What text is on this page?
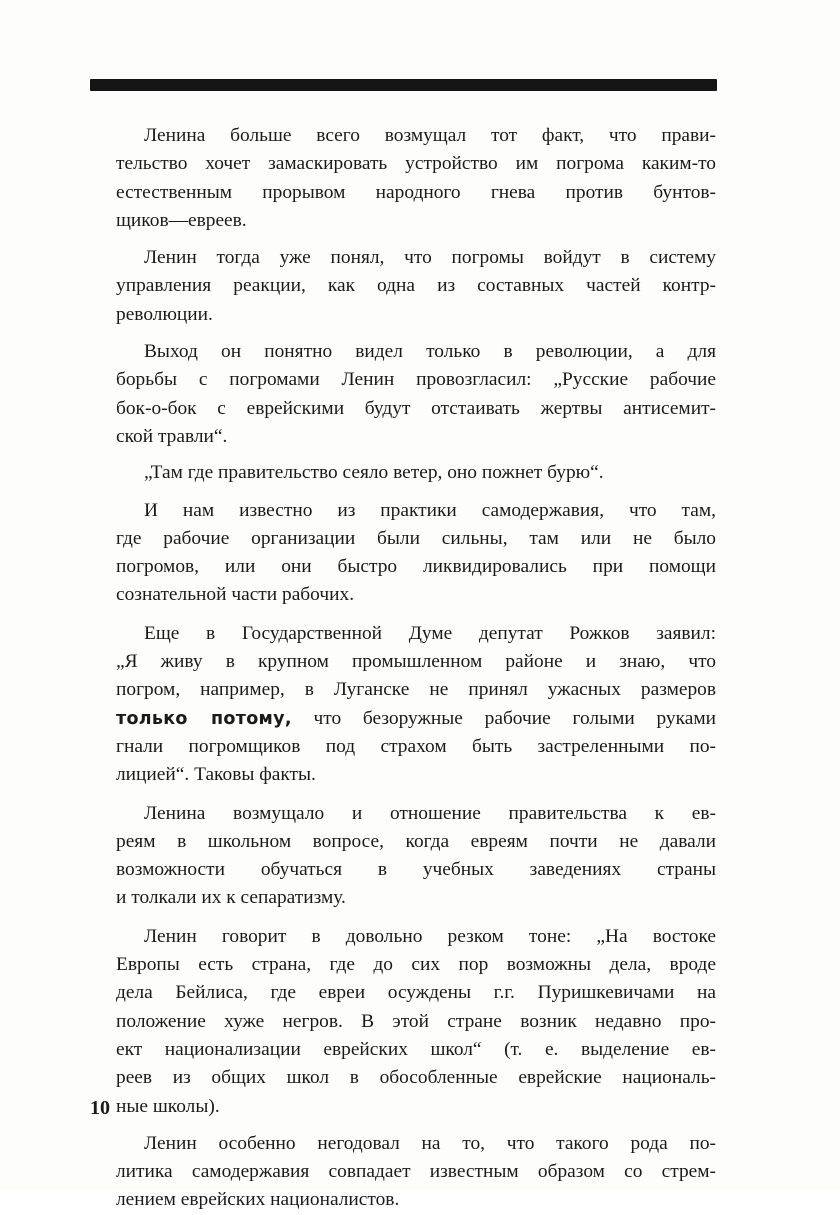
Ленина больше всего возмущал тот факт, что прави-
тельство хочет замаскировать устройство им погрома каким-то
естественным прорывом народного гнева против бунтов-
щиков—евреев.

Ленин тогда уже понял, что погромы войдут в систему
управления реакции, как одна из составных частей контр-
революции.

Выход он понятно видел только в революции, а для
борьбы с погромами Ленин провозгласил: „Русские рабочие
бок-о-бок с еврейскими будут отстаивать жертвы антисемит-
ской травли“.

„Там где правительство сеяло ветер, оно пожнет бурю“.

И нам известно из практики самодержавия, что там,
где рабочие организации были сильны, там или не было
погромов, или они быстро ликвидировались при помощи
сознательной части рабочих.

Еще в Государственной Думе депутат Рожков заявил:
„Я живу в крупном промышленном районе и знаю, что
погром, например, в Луганске не принял ужасных размеров
только потому, что безоружные рабочие голыми руками
гнали погромщиков под страхом быть застреленными по-
лицией“. Таковы факты.

Ленина возмущало и отношение правительства к ев-
реям в школьном вопросе, когда евреям почти не давали
возможности обучаться в учебных заведениях страны
и толкали их к сепаратизму.

Ленин говорит в довольно резком тоне: „На востоке
Европы есть страна, где до сих пор возможны дела, вроде
дела Бейлиса, где евреи осуждены г.г. Пуришкевичами на
положение хуже негров. В этой стране возник недавно про-
ект национализации еврейских школ“ (т. е. выделение ев-
реев из общих школ в обособленные еврейские националь-
ные школы).

Ленин особенно негодовал на то, что такого рода по-
литика самодержавия совпадает известным образом со стрем-
лением еврейских националистов.

10
